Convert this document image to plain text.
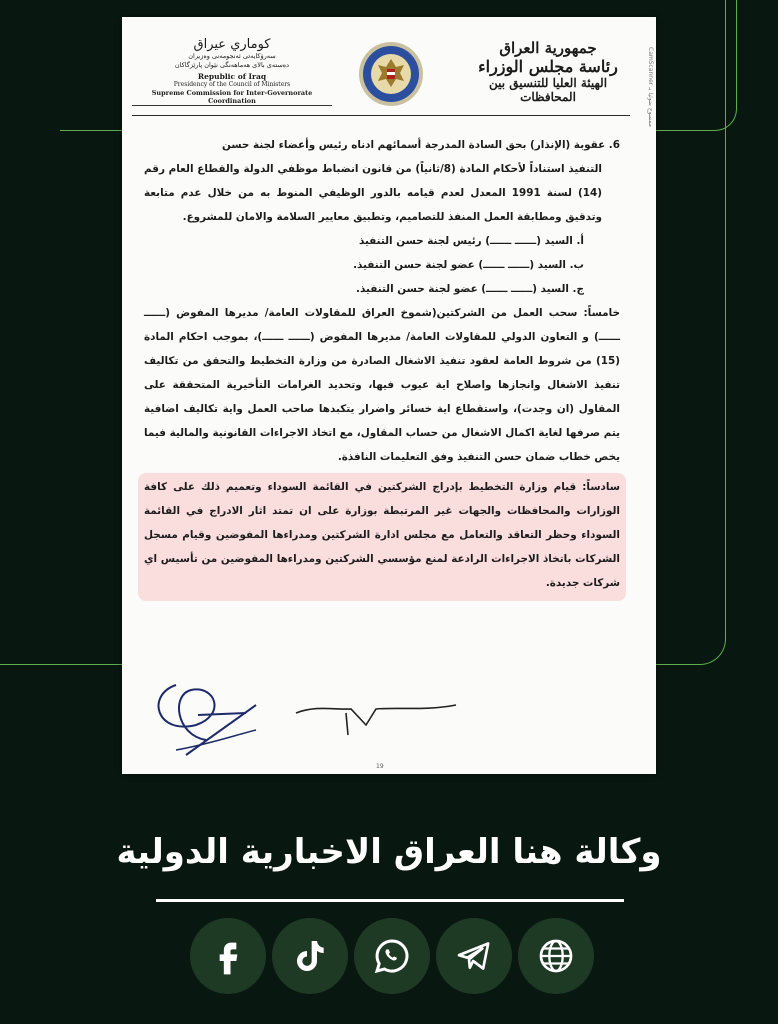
كوماري عيراق
سەرۆکایەتی ئەنجومەنی وەزیران
دەستەی بالای هەماهەنگی نێوان پارێزگاکان
Republic of Iraq
Presidency of the Council of Ministers
Supreme Commission for Inter-Governorate Coordination
جمهورية العراق
رئاسة مجلس الوزراء
الهيئة العليا للتنسيق بين المحافظات
CamScanner ممسوح ضوئيا بـ

6. عقوبة (الإنذار) بحق السادة المدرجة أسمائهم ادناه رئيس وأعضاء لجنة حسن

التنفيذ استناداً لأحكام المادة (8/ثانياً) من قانون انضباط موظفي الدولة والقطاع العام رقم (14) لسنة 1991 المعدل لعدم قيامه بالدور الوظيفي المنوط به من خلال عدم متابعة وتدقيق ومطابقة العمل المنفذ للتصاميم، وتطبيق معايير السلامة والامان للمشروع.

أ. السيد (ــــــ ــــــ) رئيس لجنة حسن التنفيذ

ب. السيد (ــــــ ــــــ) عضو لجنة حسن التنفيذ.

ج. السيد (ــــــ ــــــ) عضو لجنة حسن التنفيذ.

خامساً: سحب العمل من الشركتين(شموخ العراق للمقاولات العامة/ مديرها المفوض (ــــــ ــــــ) و التعاون الدولي للمقاولات العامة/ مديرها المفوض (ــــــ ــــــ)، بموجب احكام المادة (15) من شروط العامة لعقود تنفيذ الاشغال الصادرة من وزارة التخطيط والتحقق من تكاليف تنفيذ الاشغال وانجازها واصلاح اية عيوب فيها، وتحديد الغرامات التأخيرية المتحققة على المقاول (ان وجدت)، واستقطاع اية خسائر واضرار يتكبدها صاحب العمل واية تكاليف اضافية يتم صرفها لغاية اكمال الاشغال من حساب المقاول، مع اتخاذ الاجراءات القانونية والمالية فيما يخص خطاب ضمان حسن التنفيذ وفق التعليمات النافذة.

سادساً: قيام وزارة التخطيط بإدراج الشركتين في القائمة السوداء وتعميم ذلك على كافة الوزارات والمحافظات والجهات غير المرتبطة بوزارة على ان تمتد اثار الادراج في القائمة السوداء وحظر التعاقد والتعامل مع مجلس ادارة الشركتين ومدراءها المفوضين وقيام مسجل الشركات باتخاذ الاجراءات الرادعة لمنع مؤسسي الشركتين ومدراءها المفوضين من تأسيس اي شركات جديدة.

19
وكالة هنا العراق الاخبارية الدولية
